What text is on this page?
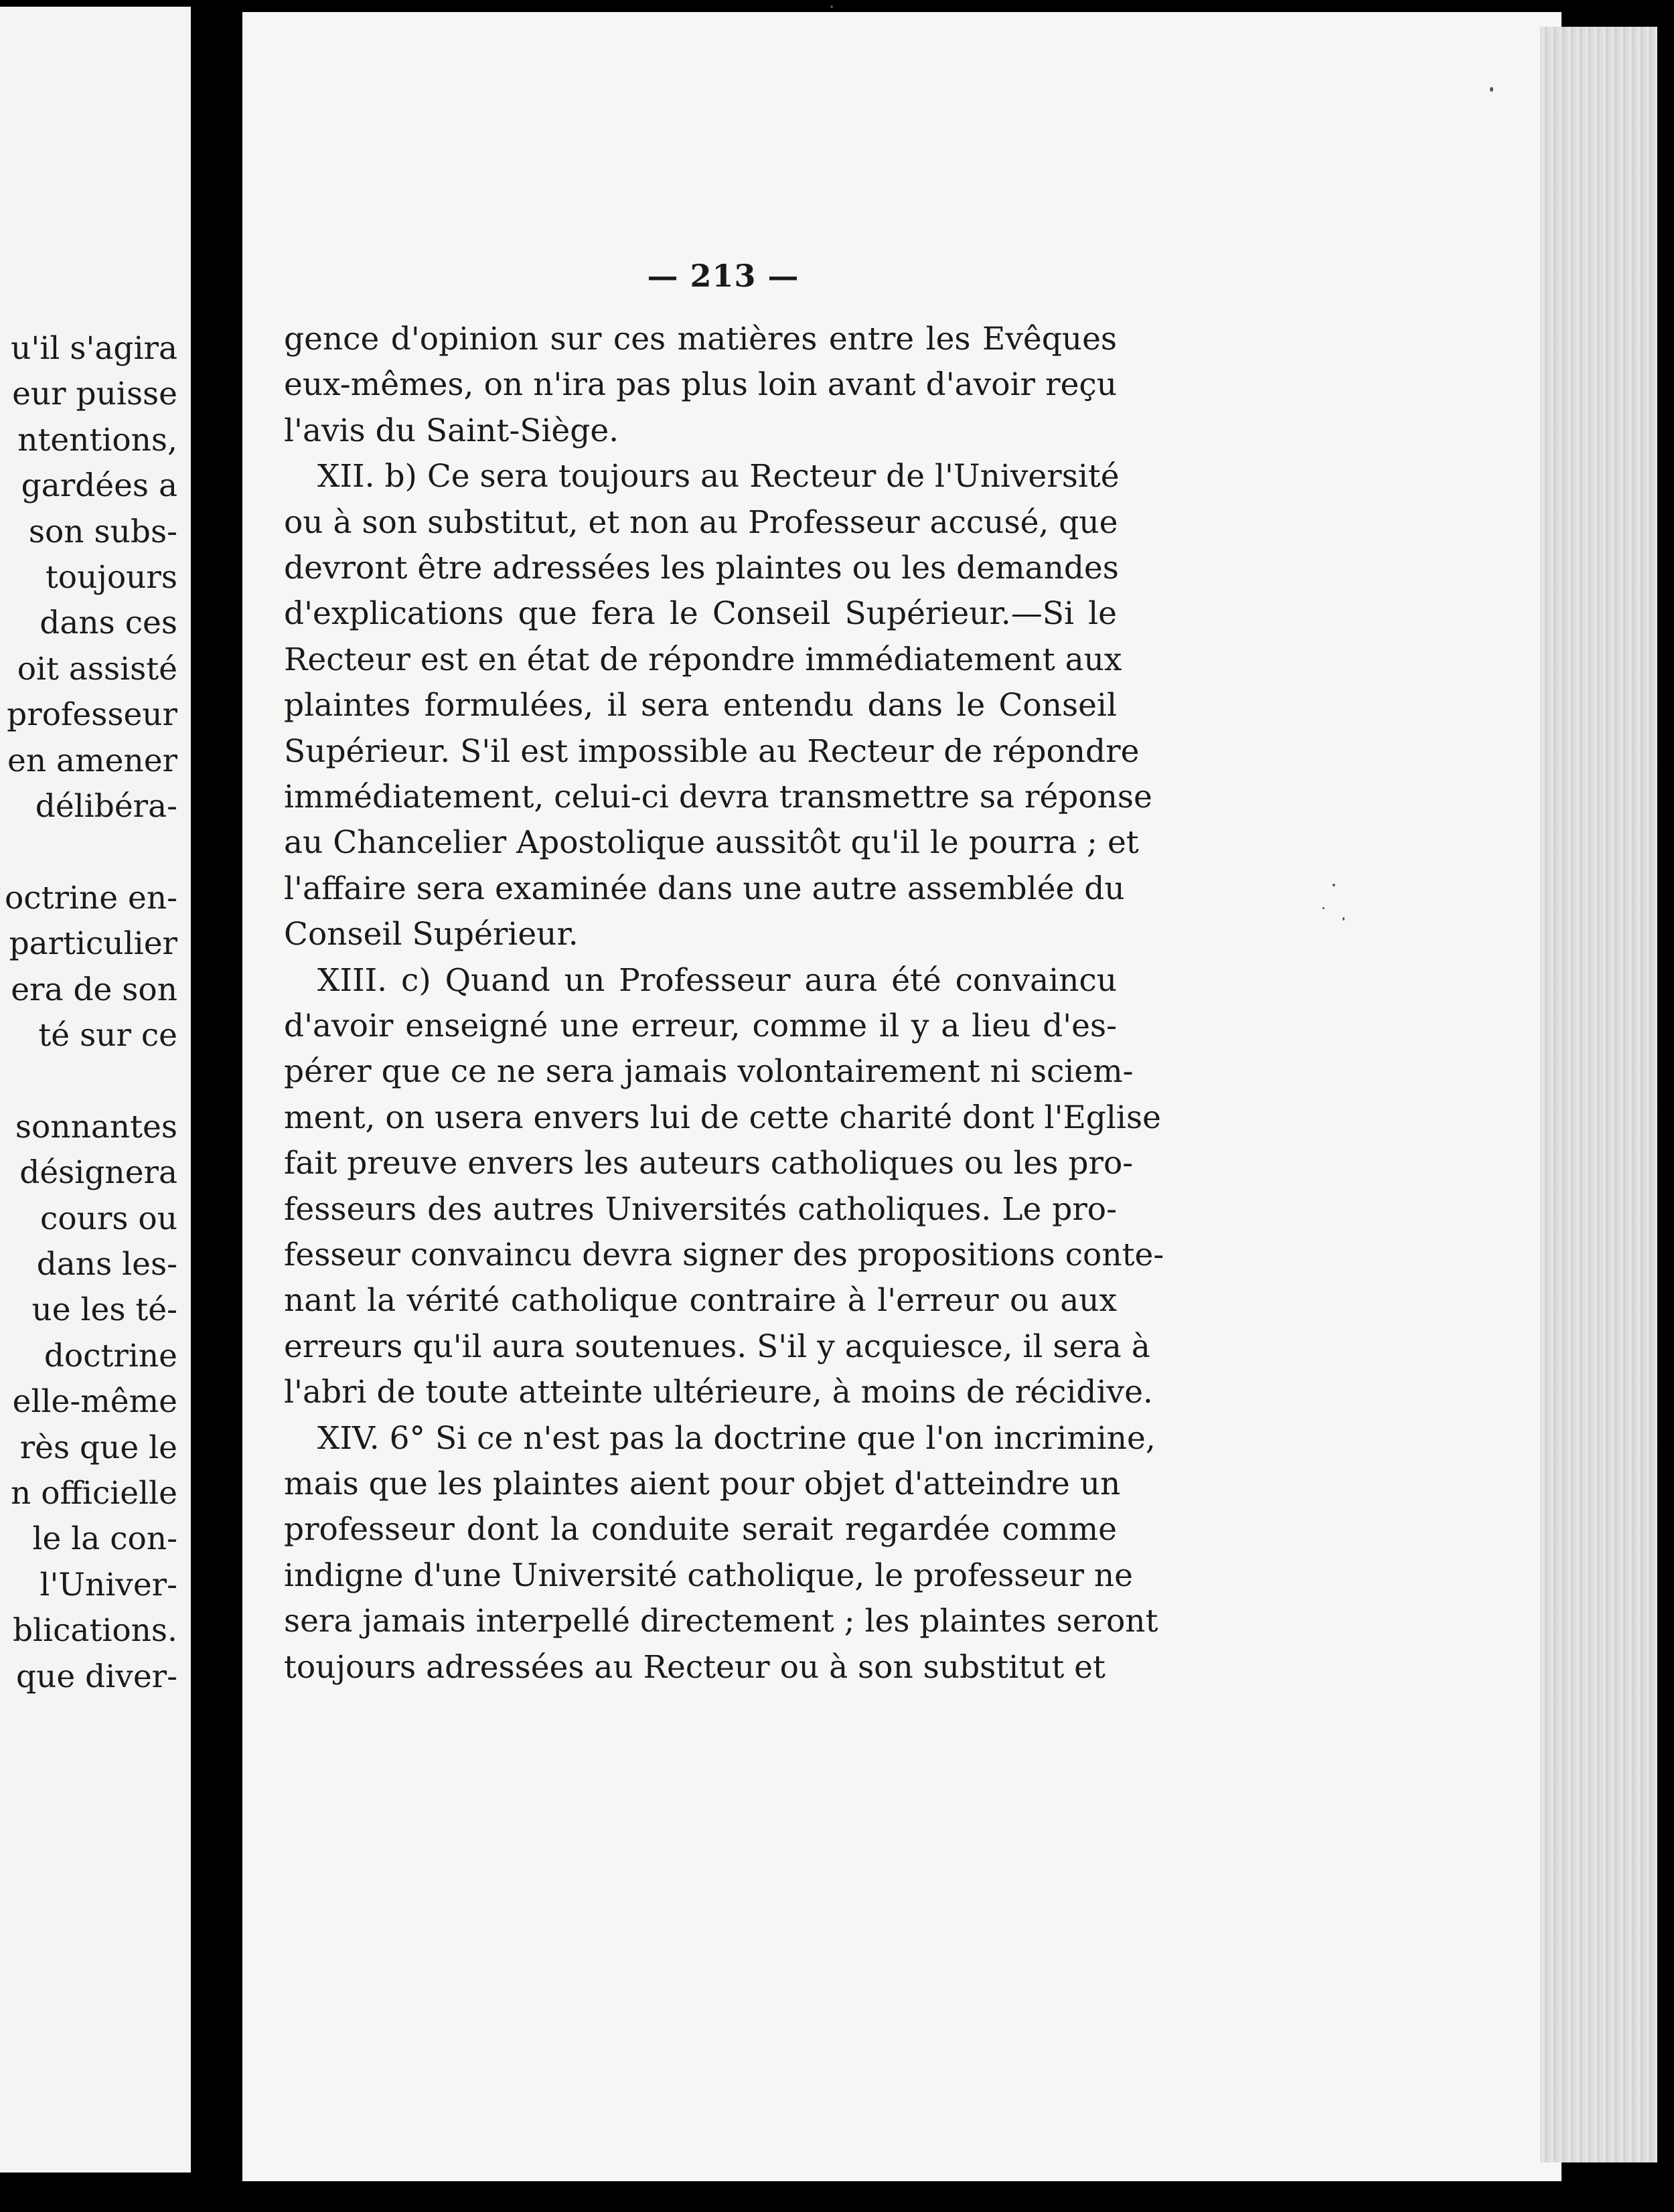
u'il s'agira
eur puisse
ntentions,
gardées a
son subs-
toujours
dans ces
oit assisté
professeur
en amener
délibéra-
octrine en-
particulier
era de son
té sur ce
sonnantes
désignera
cours ou
dans les-
ue les té-
doctrine
elle-même
rès que le
n officielle
le la con-
l'Univer-
blications.
que diver-
— 213 —
gence d'opinion sur ces matières entre les Evêques
eux-mêmes, on n'ira pas plus loin avant d'avoir reçu
l'avis du Saint-Siège.
XII. b) Ce sera toujours au Recteur de l'Université
ou à son substitut, et non au Professeur accusé, que
devront être adressées les plaintes ou les demandes
d'explications que fera le Conseil Supérieur.—Si le
Recteur est en état de répondre immédiatement aux
plaintes formulées, il sera entendu dans le Conseil
Supérieur. S'il est impossible au Recteur de répondre
immédiatement, celui-ci devra transmettre sa réponse
au Chancelier Apostolique aussitôt qu'il le pourra ; et
l'affaire sera examinée dans une autre assemblée du
Conseil Supérieur.
XIII. c) Quand un Professeur aura été convaincu
d'avoir enseigné une erreur, comme il y a lieu d'es-
pérer que ce ne sera jamais volontairement ni sciem-
ment, on usera envers lui de cette charité dont l'Eglise
fait preuve envers les auteurs catholiques ou les pro-
fesseurs des autres Universités catholiques. Le pro-
fesseur convaincu devra signer des propositions conte-
nant la vérité catholique contraire à l'erreur ou aux
erreurs qu'il aura soutenues. S'il y acquiesce, il sera à
l'abri de toute atteinte ultérieure, à moins de récidive.
XIV. 6° Si ce n'est pas la doctrine que l'on incrimine,
mais que les plaintes aient pour objet d'atteindre un
professeur dont la conduite serait regardée comme
indigne d'une Université catholique, le professeur ne
sera jamais interpellé directement ; les plaintes seront
toujours adressées au Recteur ou à son substitut et
